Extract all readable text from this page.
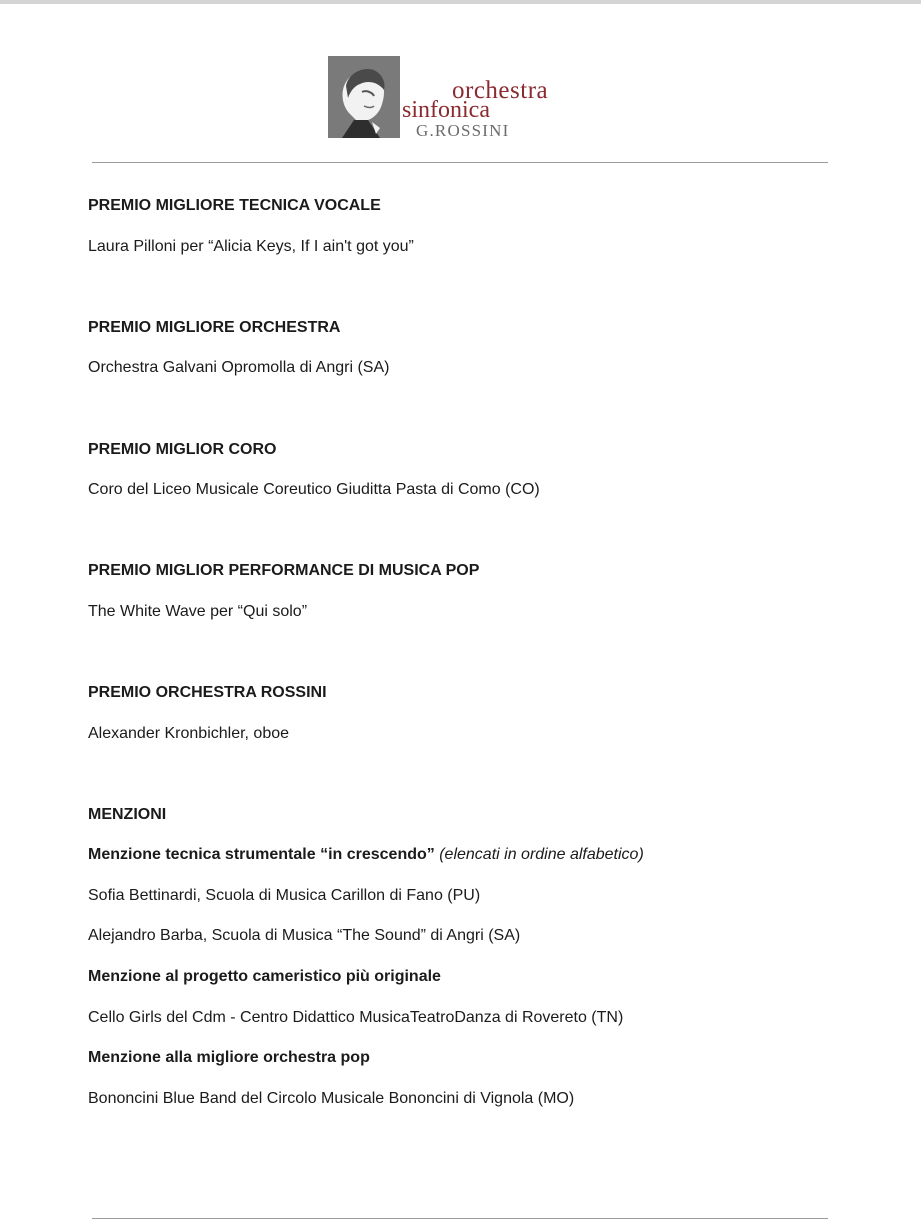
orchestra
sinfonica
G.ROSSINI
PREMIO MIGLIORE TECNICA VOCALE
Laura Pilloni per “Alicia Keys, If I ain't got you”
PREMIO MIGLIORE ORCHESTRA
Orchestra Galvani Opromolla di Angri (SA)
PREMIO MIGLIOR CORO
Coro del Liceo Musicale Coreutico Giuditta Pasta di Como (CO)
PREMIO MIGLIOR PERFORMANCE DI MUSICA POP
The White Wave per “Qui solo”
PREMIO ORCHESTRA ROSSINI
Alexander Kronbichler, oboe
MENZIONI
Menzione tecnica strumentale “in crescendo” (elencati in ordine alfabetico)
Sofia Bettinardi, Scuola di Musica Carillon di Fano (PU)
Alejandro Barba, Scuola di Musica “The Sound” di Angri (SA)
Menzione al progetto cameristico più originale
Cello Girls del Cdm - Centro Didattico MusicaTeatroDanza di Rovereto (TN)
Menzione alla migliore orchestra pop
Bononcini Blue Band del Circolo Musicale Bononcini di Vignola (MO)
